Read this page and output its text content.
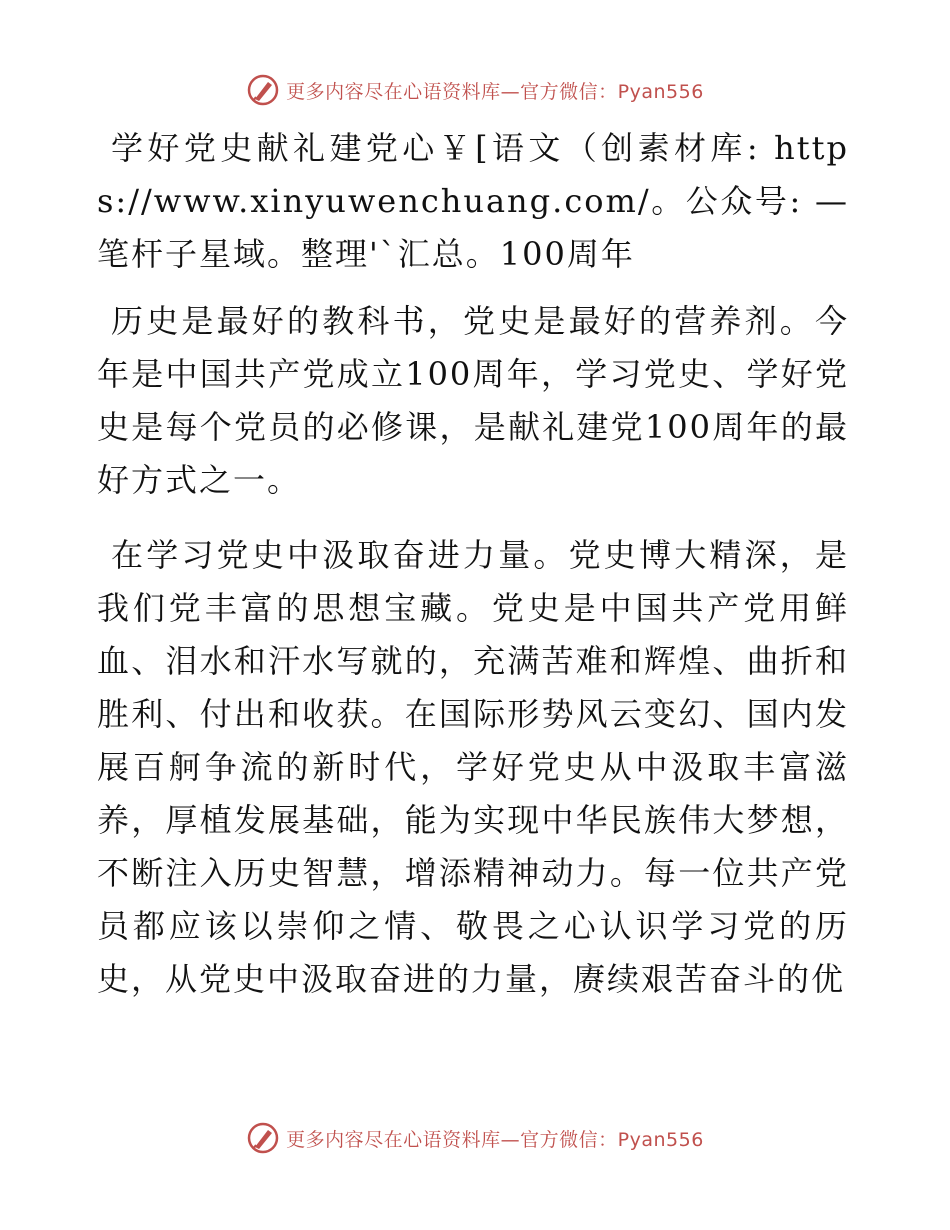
更多内容尽在心语资料库—官方微信：Pyan556

学好党史献礼建党心￥[语文（创素材库: https://www.xinyuwenchuang.com/。公众号: —笔杆子星域。整理'`汇总。100周年

历史是最好的教科书，党史是最好的营养剂。今年是中国共产党成立100周年，学习党史、学好党史是每个党员的必修课，是献礼建党100周年的最好方式之一。

在学习党史中汲取奋进力量。党史博大精深，是我们党丰富的思想宝藏。党史是中国共产党用鲜血、泪水和汗水写就的，充满苦难和辉煌、曲折和胜利、付出和收获。在国际形势风云变幻、国内发展百舸争流的新时代，学好党史从中汲取丰富滋养，厚植发展基础，能为实现中华民族伟大梦想，不断注入历史智慧，增添精神动力。每一位共产党员都应该以崇仰之情、敬畏之心认识学习党的历史，从党史中汲取奋进的力量，赓续艰苦奋斗的优

更多内容尽在心语资料库—官方微信：Pyan556
